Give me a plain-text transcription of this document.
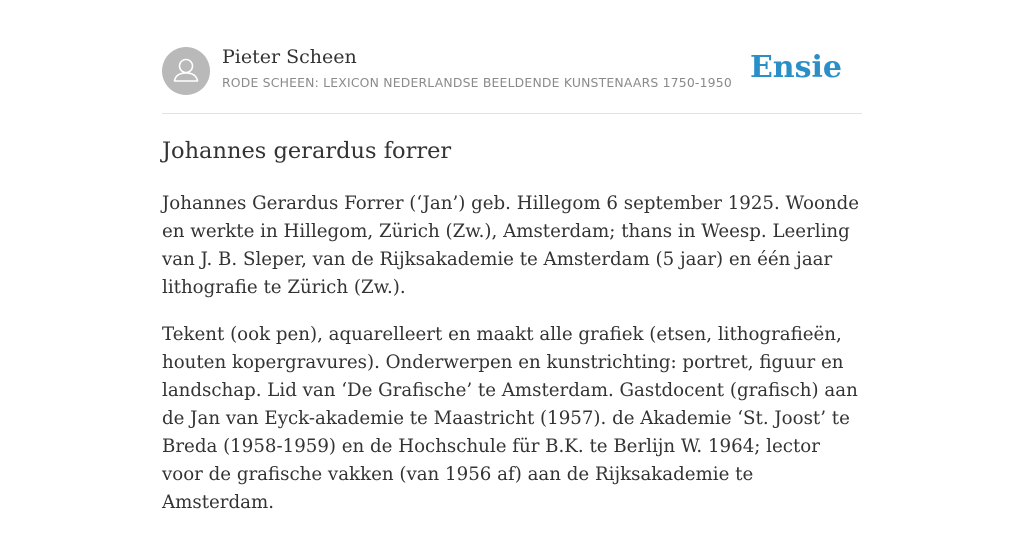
Pieter Scheen
RODE SCHEEN: LEXICON NEDERLANDSE BEELDENDE KUNSTENAARS 1750-1950 Ensie
Johannes gerardus forrer

Johannes Gerardus Forrer (‘Jan’) geb. Hillegom 6 september 1925. Woonde en werkte in Hillegom, Zürich (Zw.), Amsterdam; thans in Weesp. Leerling van J. B. Sleper, van de Rijksakademie te Amsterdam (5 jaar) en één jaar lithografie te Zürich (Zw.).

Tekent (ook pen), aquarelleert en maakt alle grafiek (etsen, lithografieën, houten kopergravures). Onderwerpen en kunstrichting: portret, figuur en landschap. Lid van ‘De Grafische’ te Amsterdam. Gastdocent (grafisch) aan de Jan van Eyck-akademie te Maastricht (1957). de Akademie ‘St. Joost’ te Breda (1958-1959) en de Hochschule für B.K. te Berlijn W. 1964; lector voor de grafische vakken (van 1956 af) aan de Rijksakademie te Amsterdam.
